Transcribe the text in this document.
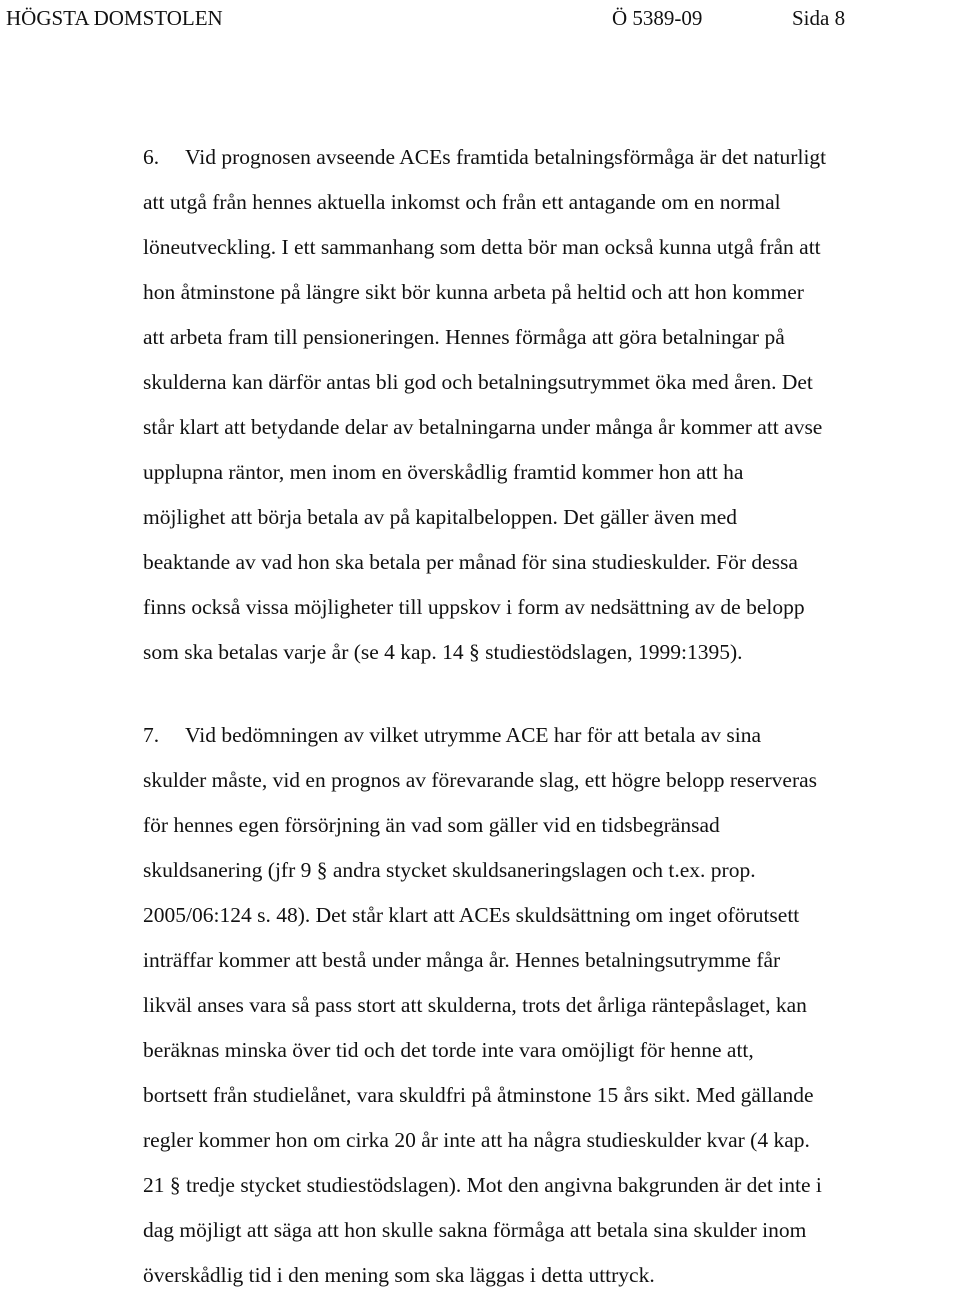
HÖGSTA DOMSTOLEN	Ö 5389-09	Sida 8
6. Vid prognosen avseende ACEs framtida betalningsförmåga är det naturligt
att utgå från hennes aktuella inkomst och från ett antagande om en normal
löneutveckling. I ett sammanhang som detta bör man också kunna utgå från att
hon åtminstone på längre sikt bör kunna arbeta på heltid och att hon kommer
att arbeta fram till pensioneringen. Hennes förmåga att göra betalningar på
skulderna kan därför antas bli god och betalningsutrymmet öka med åren. Det
står klart att betydande delar av betalningarna under många år kommer att avse
upplupna räntor, men inom en överskådlig framtid kommer hon att ha
möjlighet att börja betala av på kapitalbeloppen. Det gäller även med
beaktande av vad hon ska betala per månad för sina studieskulder. För dessa
finns också vissa möjligheter till uppskov i form av nedsättning av de belopp
som ska betalas varje år (se 4 kap. 14 § studiestödslagen, 1999:1395).
7. Vid bedömningen av vilket utrymme ACE har för att betala av sina
skulder måste, vid en prognos av förevarande slag, ett högre belopp reserveras
för hennes egen försörjning än vad som gäller vid en tidsbegränsad
skuldsanering (jfr 9 § andra stycket skuldsaneringslagen och t.ex. prop.
2005/06:124 s. 48). Det står klart att ACEs skuldsättning om inget oförutsett
inträffar kommer att bestå under många år. Hennes betalningsutrymme får
likväl anses vara så pass stort att skulderna, trots det årliga räntepåslaget, kan
beräknas minska över tid och det torde inte vara omöjligt för henne att,
bortsett från studielånet, vara skuldfri på åtminstone 15 års sikt. Med gällande
regler kommer hon om cirka 20 år inte att ha några studieskulder kvar (4 kap.
21 § tredje stycket studiestödslagen). Mot den angivna bakgrunden är det inte i
dag möjligt att säga att hon skulle sakna förmåga att betala sina skulder inom
överskådlig tid i den mening som ska läggas i detta uttryck.
